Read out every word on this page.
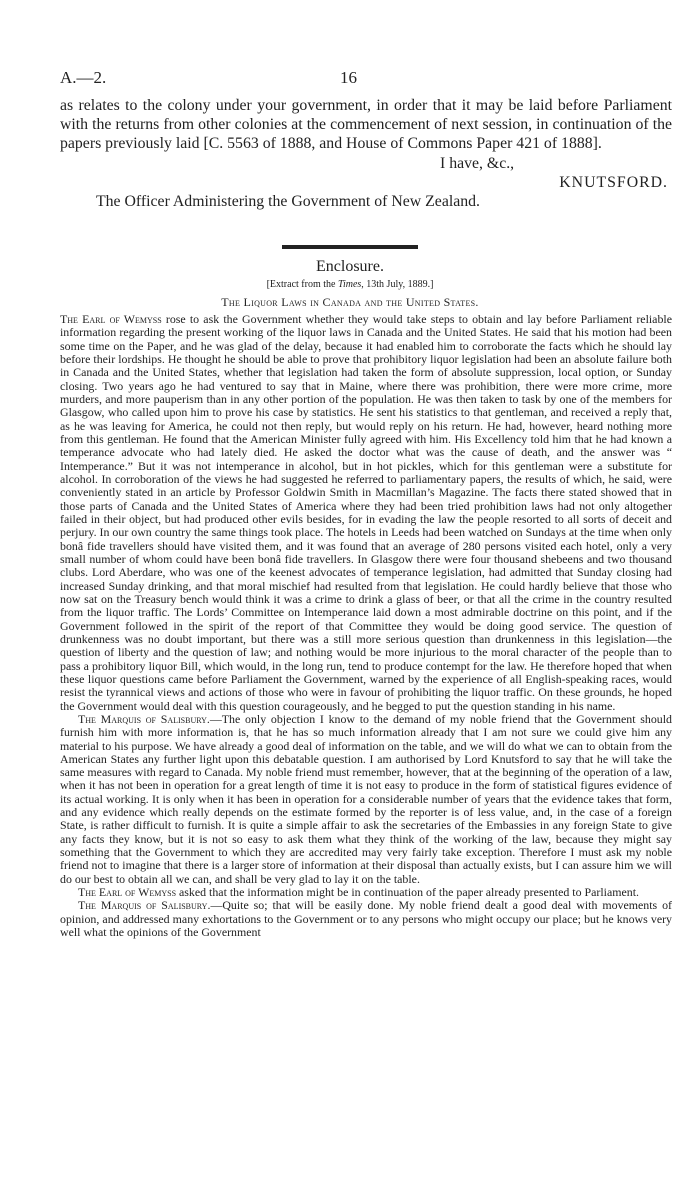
A.—2.	16

as relates to the colony under your government, in order that it may be laid before Parliament with the returns from other colonies at the commencement of next session, in continuation of the papers previously laid [C. 5563 of 1888, and House of Commons Paper 421 of 1888].

I have, &c.,

KNUTSFORD.

The Officer Administering the Government of New Zealand.

Enclosure.
[Extract from the Times, 13th July, 1889.]
The Liquor Laws in Canada and the United States.

The Earl of Wemyss rose to ask the Government whether they would take steps to obtain and lay before Parliament reliable information regarding the present working of the liquor laws in Canada and the United States. He said that his motion had been some time on the Paper, and he was glad of the delay, because it had enabled him to corroborate the facts which he should lay before their lordships. He thought he should be able to prove that prohibitory liquor legislation had been an absolute failure both in Canada and the United States, whether that legislation had taken the form of absolute suppression, local option, or Sunday closing. Two years ago he had ventured to say that in Maine, where there was prohibition, there were more crime, more murders, and more pauperism than in any other portion of the population. He was then taken to task by one of the members for Glasgow, who called upon him to prove his case by statistics. He sent his statistics to that gentleman, and received a reply that, as he was leaving for America, he could not then reply, but would reply on his return. He had, however, heard nothing more from this gentleman. He found that the American Minister fully agreed with him. His Excellency told him that he had known a temperance advocate who had lately died. He asked the doctor what was the cause of death, and the answer was “ Intemperance.” But it was not intemperance in alcohol, but in hot pickles, which for this gentleman were a substitute for alcohol. In corroboration of the views he had suggested he referred to parliamentary papers, the results of which, he said, were conveniently stated in an article by Professor Goldwin Smith in Macmillan’s Magazine. The facts there stated showed that in those parts of Canada and the United States of America where they had been tried prohibition laws had not only altogether failed in their object, but had produced other evils besides, for in evading the law the people resorted to all sorts of deceit and perjury. In our own country the same things took place. The hotels in Leeds had been watched on Sundays at the time when only bonâ fide travellers should have visited them, and it was found that an average of 280 persons visited each hotel, only a very small number of whom could have been bonâ fide travellers. In Glasgow there were four thousand shebeens and two thousand clubs. Lord Aberdare, who was one of the keenest advocates of temperance legislation, had admitted that Sunday closing had increased Sunday drinking, and that moral mischief had resulted from that legislation. He could hardly believe that those who now sat on the Treasury bench would think it was a crime to drink a glass of beer, or that all the crime in the country resulted from the liquor traffic. The Lords’ Committee on Intemperance laid down a most admirable doctrine on this point, and if the Government followed in the spirit of the report of that Committee they would be doing good service. The question of drunkenness was no doubt important, but there was a still more serious question than drunkenness in this legislation—the question of liberty and the question of law; and nothing would be more injurious to the moral character of the people than to pass a prohibitory liquor Bill, which would, in the long run, tend to produce contempt for the law. He therefore hoped that when these liquor questions came before Parliament the Government, warned by the experience of all English-speaking races, would resist the tyrannical views and actions of those who were in favour of prohibiting the liquor traffic. On these grounds, he hoped the Government would deal with this question courageously, and he begged to put the question standing in his name.

The Marquis of Salisbury.—The only objection I know to the demand of my noble friend that the Government should furnish him with more information is, that he has so much information already that I am not sure we could give him any material to his purpose. We have already a good deal of information on the table, and we will do what we can to obtain from the American States any further light upon this debatable question. I am authorised by Lord Knutsford to say that he will take the same measures with regard to Canada. My noble friend must remember, however, that at the beginning of the operation of a law, when it has not been in operation for a great length of time it is not easy to produce in the form of statistical figures evidence of its actual working. It is only when it has been in operation for a considerable number of years that the evidence takes that form, and any evidence which really depends on the estimate formed by the reporter is of less value, and, in the case of a foreign State, is rather difficult to furnish. It is quite a simple affair to ask the secretaries of the Embassies in any foreign State to give any facts they know, but it is not so easy to ask them what they think of the working of the law, because they might say something that the Government to which they are accredited may very fairly take exception. Therefore I must ask my noble friend not to imagine that there is a larger store of information at their disposal than actually exists, but I can assure him we will do our best to obtain all we can, and shall be very glad to lay it on the table.

The Earl of Wemyss asked that the information might be in continuation of the paper already presented to Parliament.

The Marquis of Salisbury.—Quite so; that will be easily done. My noble friend dealt a good deal with movements of opinion, and addressed many exhortations to the Government or to any persons who might occupy our place; but he knows very well what the opinions of the Government
